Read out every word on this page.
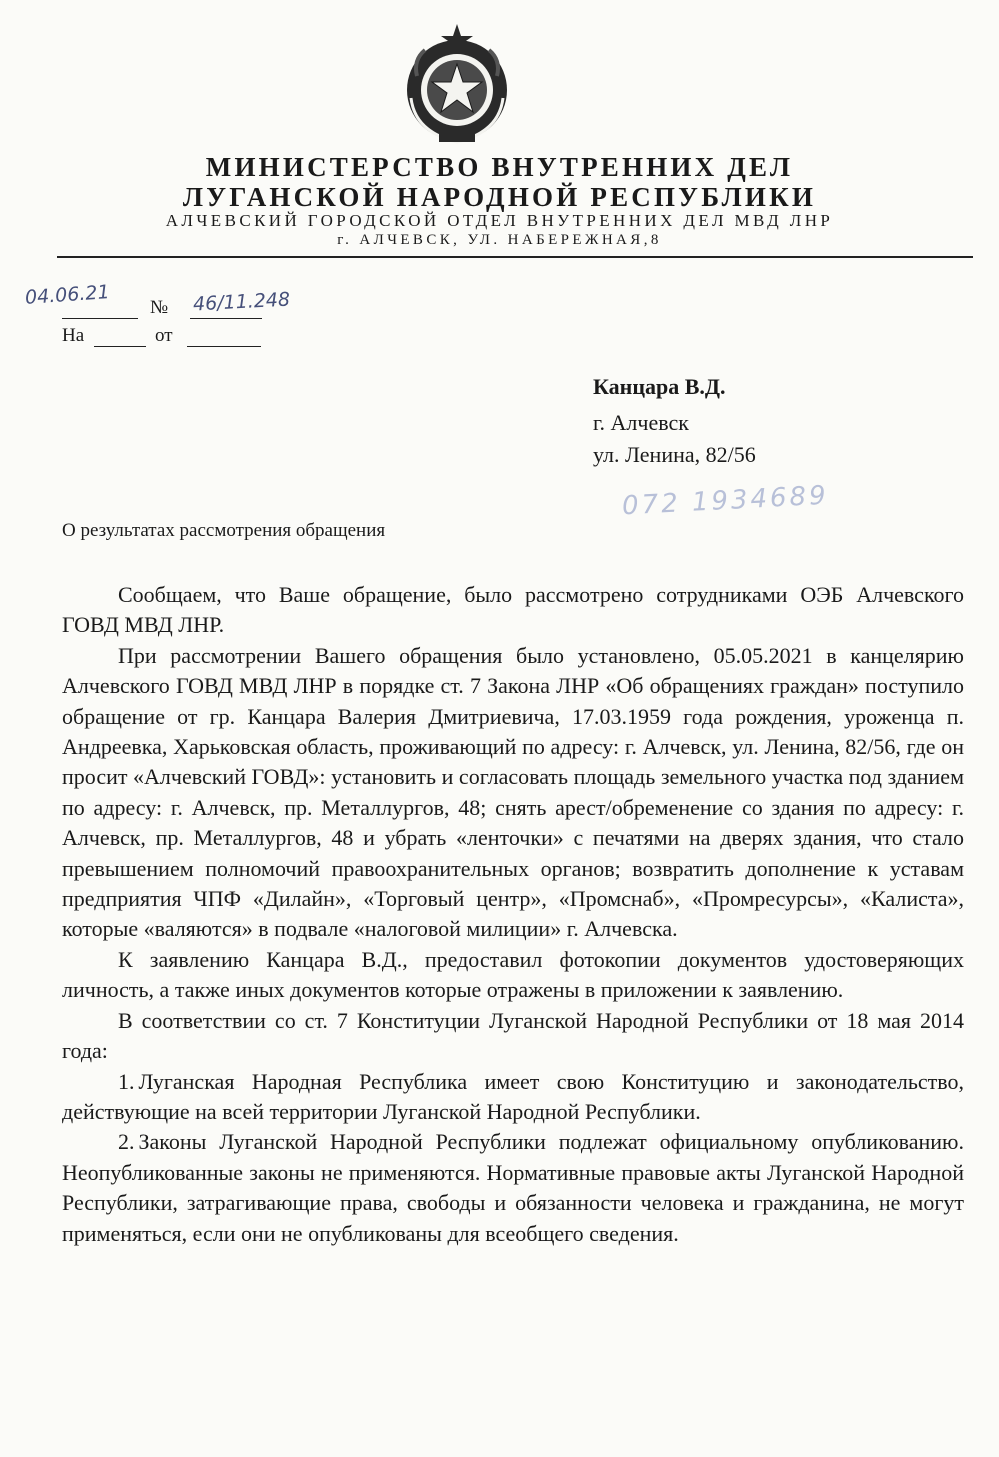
МИНИСТЕРСТВО ВНУТРЕННИХ ДЕЛ
ЛУГАНСКОЙ НАРОДНОЙ РЕСПУБЛИКИ
АЛЧЕВСКИЙ ГОРОДСКОЙ ОТДЕЛ ВНУТРЕННИХ ДЕЛ МВД ЛНР
г. АЛЧЕВСК, УЛ. НАБЕРЕЖНАЯ,8
04.06.21 № 46/11.248
На	от
Канцара В.Д.
г. Алчевск
ул. Ленина, 82/56
072 1934689
О результатах рассмотрения обращения

Сообщаем, что Ваше обращение, было рассмотрено сотрудниками ОЭБ Алчевского ГОВД МВД ЛНР.

При рассмотрении Вашего обращения было установлено, 05.05.2021 в канцелярию Алчевского ГОВД МВД ЛНР в порядке ст. 7 Закона ЛНР «Об обращениях граждан» поступило обращение от гр. Канцара Валерия Дмитриевича, 17.03.1959 года рождения, уроженца п. Андреевка, Харьковская область, проживающий по адресу: г. Алчевск, ул. Ленина, 82/56, где он просит «Алчевский ГОВД»: установить и согласовать площадь земельного участка под зданием по адресу: г. Алчевск, пр. Металлургов, 48; снять арест/обременение со здания по адресу: г. Алчевск, пр. Металлургов, 48 и убрать «ленточки» с печатями на дверях здания, что стало превышением полномочий правоохранительных органов; возвратить дополнение к уставам предприятия ЧПФ «Дилайн», «Торговый центр», «Промснаб», «Промресурсы», «Калиста», которые «валяются» в подвале «налоговой милиции» г. Алчевска.

К заявлению Канцара В.Д., предоставил фотокопии документов удостоверяющих личность, а также иных документов которые отражены в приложении к заявлению.

В соответствии со ст. 7 Конституции Луганской Народной Республики от 18 мая 2014 года:

1. Луганская Народная Республика имеет свою Конституцию и законодательство, действующие на всей территории Луганской Народной Республики.

2. Законы Луганской Народной Республики подлежат официальному опубликованию. Неопубликованные законы не применяются. Нормативные правовые акты Луганской Народной Республики, затрагивающие права, свободы и обязанности человека и гражданина, не могут применяться, если они не опубликованы для всеобщего сведения.
